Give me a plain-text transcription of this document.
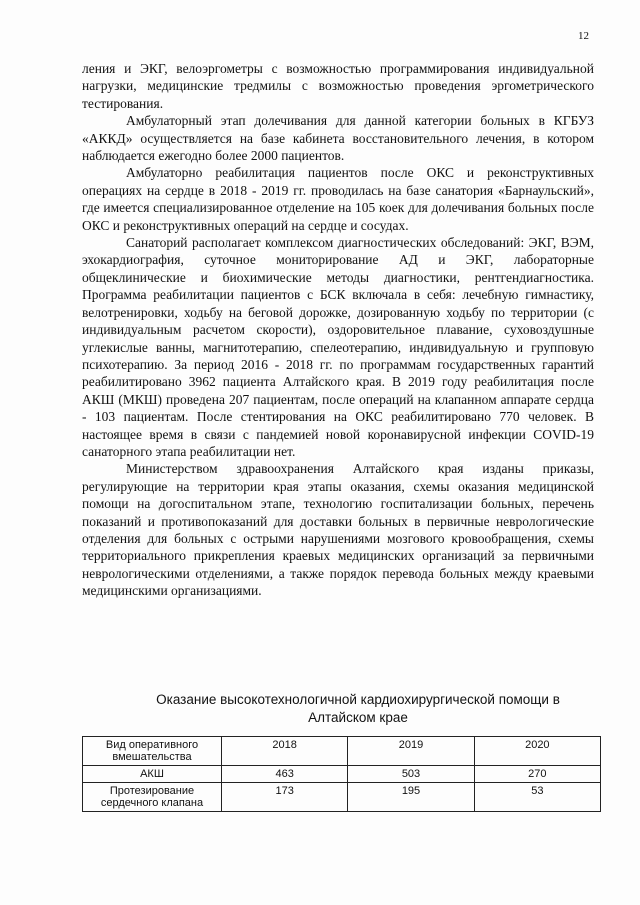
12

ления и ЭКГ, велоэргометры с возможностью программирования индивидуальной нагрузки, медицинские тредмилы с возможностью проведения эргометрического тестирования.

Амбулаторный этап долечивания для данной категории больных в КГБУЗ «АККД» осуществляется на базе кабинета восстановительного лечения, в котором наблюдается ежегодно более 2000 пациентов.

Амбулаторно реабилитация пациентов после ОКС и реконструктивных операциях на сердце в 2018 - 2019 гг. проводилась на базе санатория «Барнаульский», где имеется специализированное отделение на 105 коек для долечивания больных после ОКС и реконструктивных операций на сердце и сосудах.

Санаторий располагает комплексом диагностических обследований: ЭКГ, ВЭМ, эхокардиография, суточное мониторирование АД и ЭКГ, лабораторные общеклинические и биохимические методы диагностики, рентгендиагностика. Программа реабилитации пациентов с БСК включала в себя: лечебную гимнастику, велотренировки, ходьбу на беговой дорожке, дозированную ходьбу по территории (с индивидуальным расчетом скорости), оздоровительное плавание, суховоздушные углекислые ванны, магнитотерапию, спелеотерапию, индивидуальную и групповую психотерапию. За период 2016 - 2018 гг. по программам государственных гарантий реабилитировано 3962 пациента Алтайского края. В 2019 году реабилитация после АКШ (МКШ) проведена 207 пациентам, после операций на клапанном аппарате сердца - 103 пациентам. После стентирования на ОКС реабилитировано 770 человек. В настоящее время в связи с пандемией новой коронавирусной инфекции COVID-19 санаторного этапа реабилитации нет.

Министерством здравоохранения Алтайского края изданы приказы, регулирующие на территории края этапы оказания, схемы оказания медицинской помощи на догоспитальном этапе, технологию госпитализации больных, перечень показаний и противопоказаний для доставки больных в первичные неврологические отделения для больных с острыми нарушениями мозгового кровообращения, схемы территориального прикрепления краевых медицинских организаций за первичными неврологическими отделениями, а также порядок перевода больных между краевыми медицинскими организациями.

Оказание высокотехнологичной кардиохирургической помощи в
Алтайском крае
Вид оперативного вмешательства	2018	2019	2020
АКШ	463	503	270
Протезирование сердечного клапана	173	195	53
